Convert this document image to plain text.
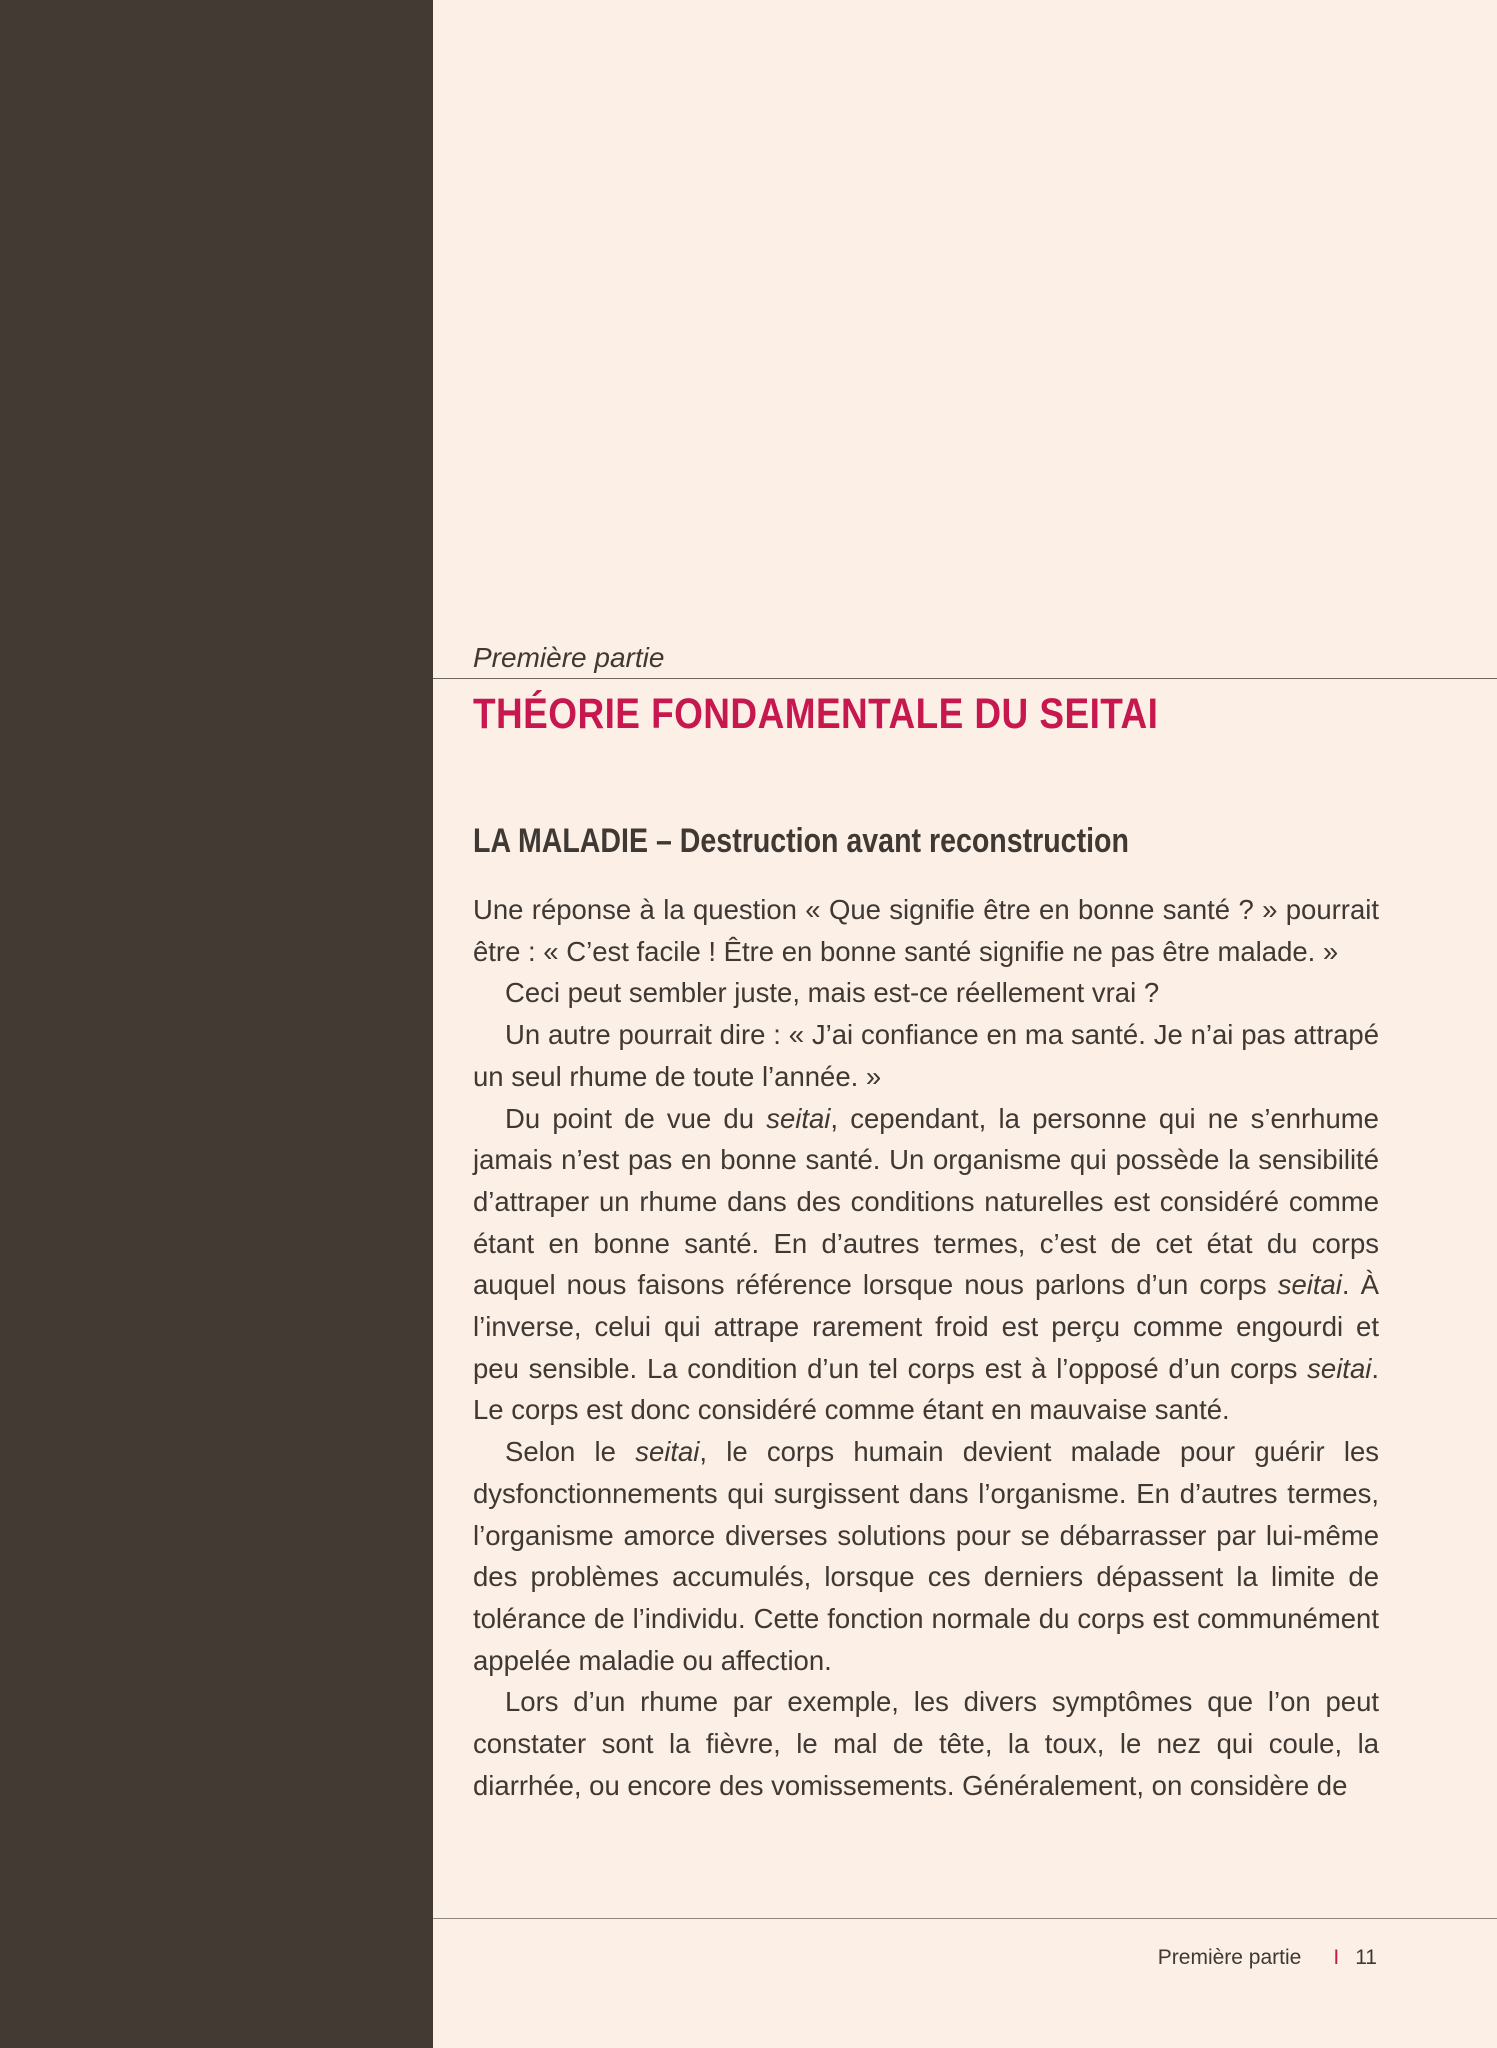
Première partie
THÉORIE FONDAMENTALE DU SEITAI
LA MALADIE – Destruction avant reconstruction

Une réponse à la question « Que signifie être en bonne santé ? » pourrait être : « C’est facile ! Être en bonne santé signifie ne pas être malade. »

Ceci peut sembler juste, mais est-ce réellement vrai ?

Un autre pourrait dire : « J’ai confiance en ma santé. Je n’ai pas attrapé un seul rhume de toute l’année. »

Du point de vue du seitai, cependant, la personne qui ne s’enrhume jamais n’est pas en bonne santé. Un organisme qui possède la sensibilité d’attraper un rhume dans des conditions naturelles est considéré comme étant en bonne santé. En d’autres termes, c’est de cet état du corps auquel nous faisons référence lorsque nous parlons d’un corps seitai. À l’inverse, celui qui attrape rarement froid est perçu comme engourdi et peu sensible. La condition d’un tel corps est à l’opposé d’un corps seitai. Le corps est donc considéré comme étant en mauvaise santé.

Selon le seitai, le corps humain devient malade pour guérir les dysfonctionnements qui surgissent dans l’organisme. En d’autres termes, l’organisme amorce diverses solutions pour se débarrasser par lui-même des problèmes accumulés, lorsque ces derniers dépassent la limite de tolérance de l’individu. Cette fonction normale du corps est communément appelée maladie ou affection.

Lors d’un rhume par exemple, les divers symptômes que l’on peut constater sont la fièvre, le mal de tête, la toux, le nez qui coule, la diarrhée, ou encore des vomissements. Généralement, on considère de

Première partie I 11
